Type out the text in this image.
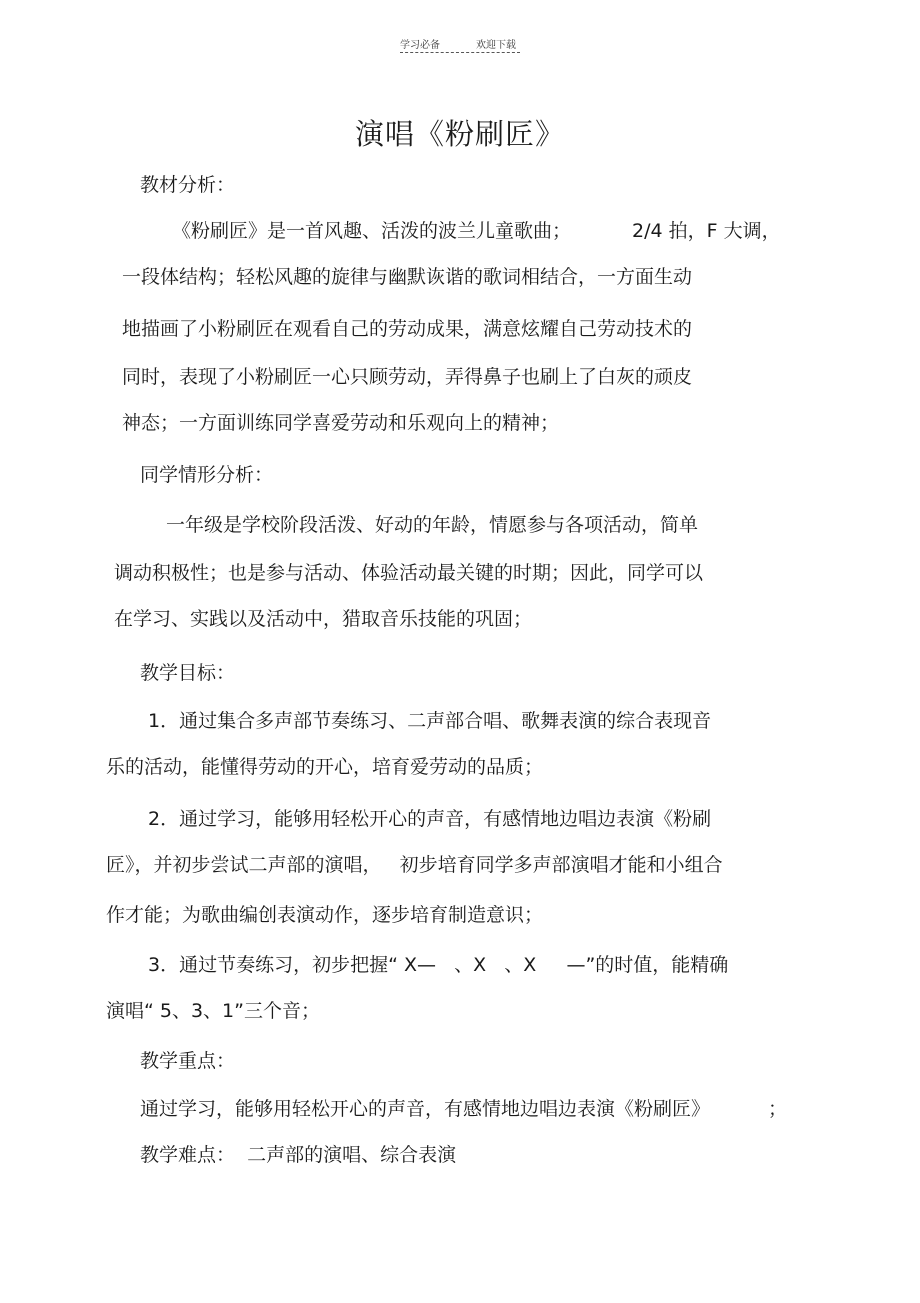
学习必备	欢迎下载
演唱《粉刷匠》
教材分析：
《粉刷匠》是一首风趣、活泼的波兰儿童歌曲；	2/4 拍，F 大调，
一段体结构；轻松风趣的旋律与幽默诙谐的歌词相结合，一方面生动
地描画了小粉刷匠在观看自己的劳动成果，满意炫耀自己劳动技术的
同时，表现了小粉刷匠一心只顾劳动，弄得鼻子也刷上了白灰的顽皮
神态；一方面训练同学喜爱劳动和乐观向上的精神；
同学情形分析：
一年级是学校阶段活泼、好动的年龄，情愿参与各项活动，简单
调动积极性；也是参与活动、体验活动最关键的时期；因此，同学可以
在学习、实践以及活动中，猎取音乐技能的巩固；
教学目标：
1．通过集合多声部节奏练习、二声部合唱、歌舞表演的综合表现音
乐的活动，能懂得劳动的开心，培育爱劳动的品质；
2．通过学习，能够用轻松开心的声音，有感情地边唱边表演《粉刷
匠》，并初步尝试二声部的演唱，   初步培育同学多声部演唱才能和小组合
作才能；为歌曲编创表演动作，逐步培育制造意识；
3．通过节奏练习，初步把握“ X—   、X   、X     —”的时值，能精确
演唱“ 5、3、1”三个音；
教学重点：
通过学习，能够用轻松开心的声音，有感情地边唱边表演《粉刷匠》	；
教学难点：  二声部的演唱、综合表演
